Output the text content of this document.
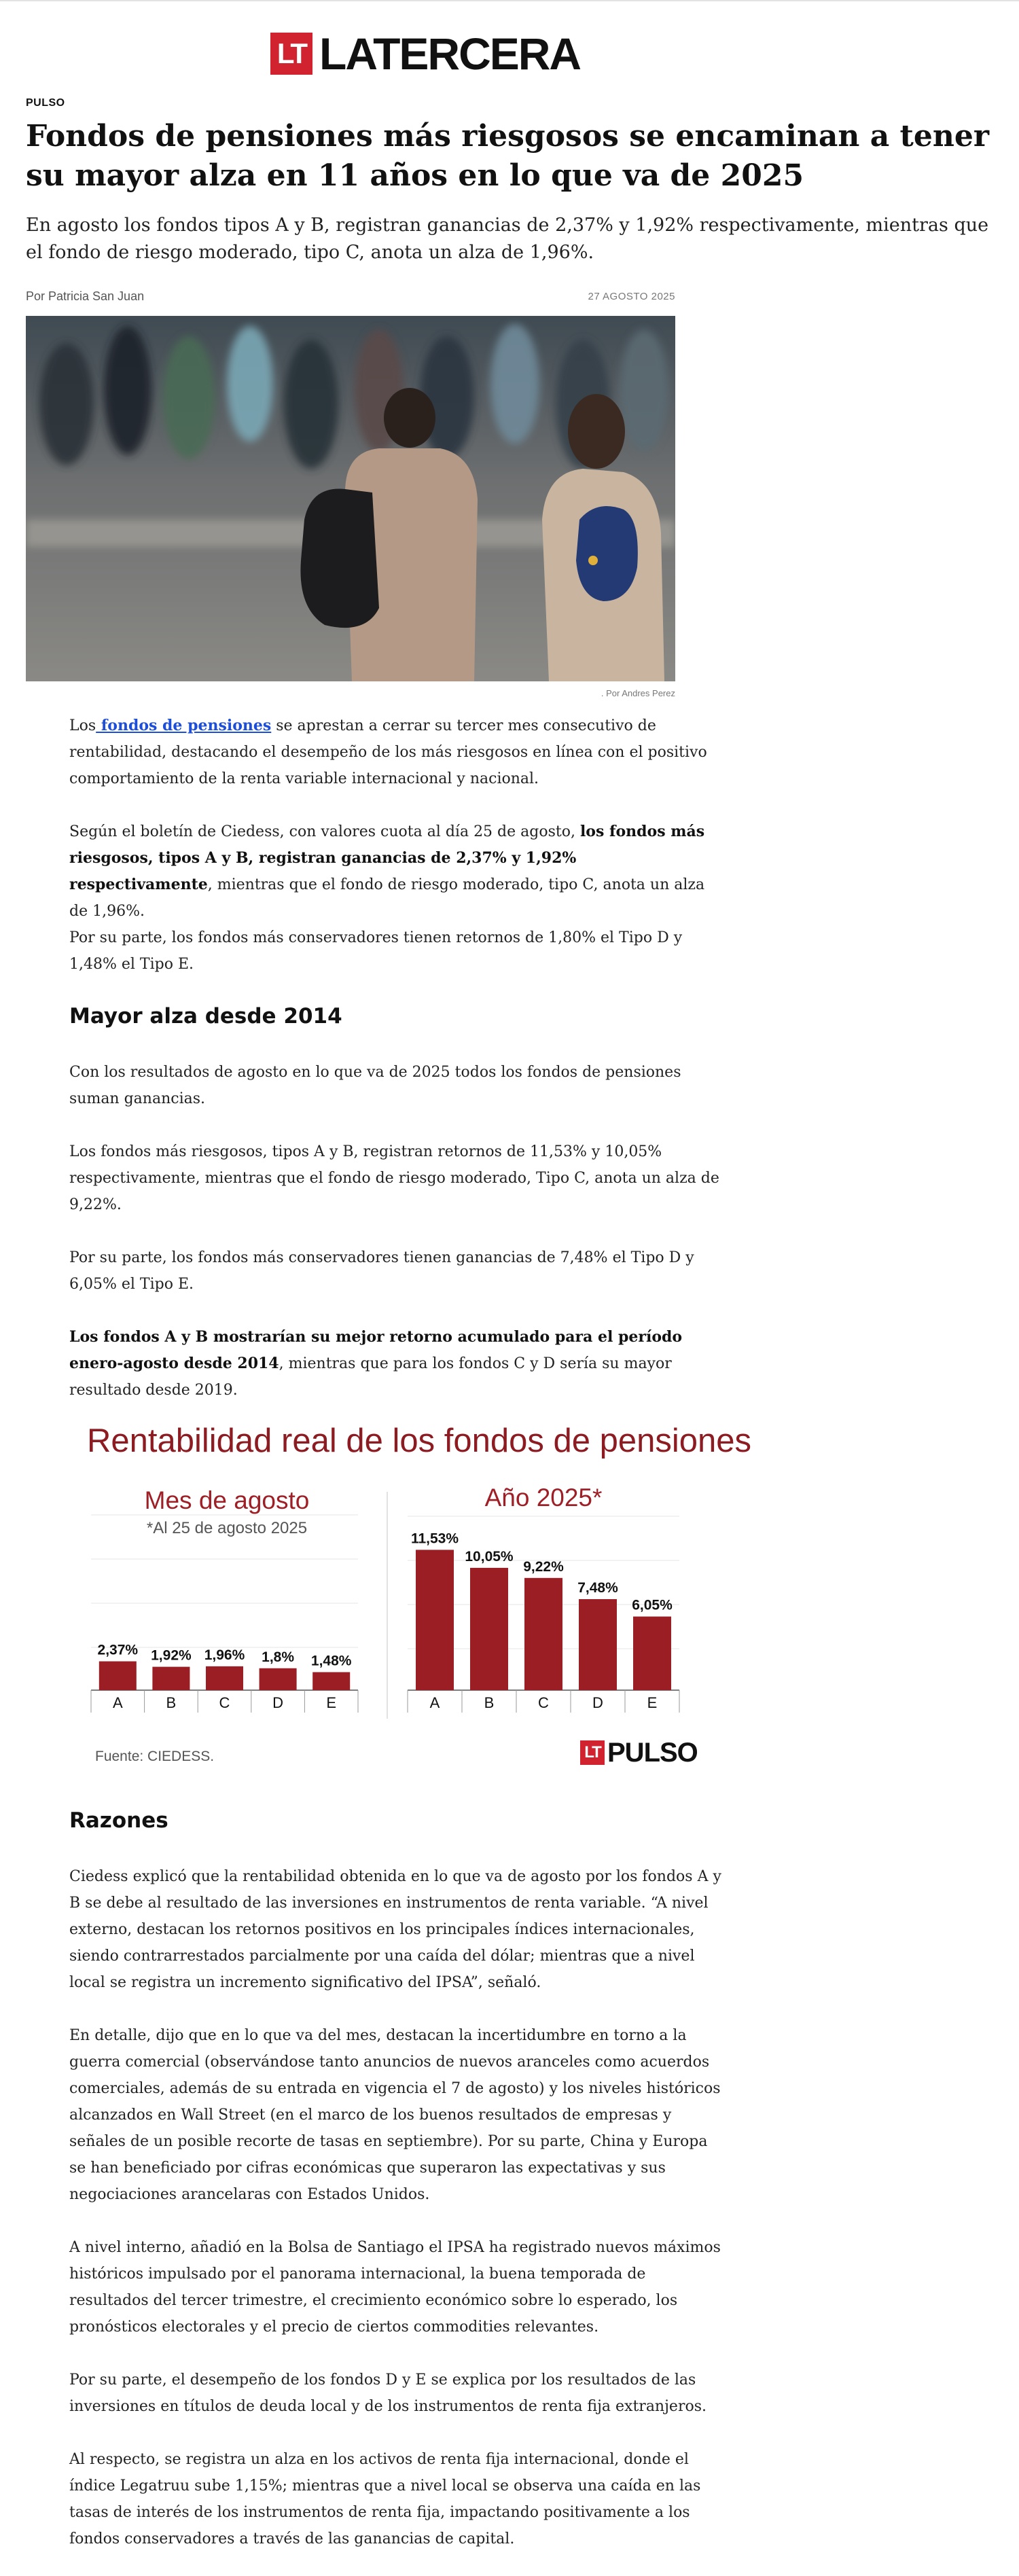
LT LATERCERA
PULSO
Fondos de pensiones más riesgosos se encaminan a tener su mayor alza en 11 años en lo que va de 2025

En agosto los fondos tipos A y B, registran ganancias de 2,37% y 1,92% respectivamente, mientras que el fondo de riesgo moderado, tipo C, anota un alza de 1,96%.

Por Patricia San Juan	27 AGOSTO 2025
. Por Andres Perez

Los fondos de pensiones se aprestan a cerrar su tercer mes consecutivo de rentabilidad, destacando el desempeño de los más riesgosos en línea con el positivo comportamiento de la renta variable internacional y nacional.

Según el boletín de Ciedess, con valores cuota al día 25 de agosto, los fondos más riesgosos, tipos A y B, registran ganancias de 2,37% y 1,92% respectivamente, mientras que el fondo de riesgo moderado, tipo C, anota un alza de 1,96%.

Por su parte, los fondos más conservadores tienen retornos de 1,80% el Tipo D y 1,48% el Tipo E.

Mayor alza desde 2014

Con los resultados de agosto en lo que va de 2025 todos los fondos de pensiones suman ganancias.

Los fondos más riesgosos, tipos A y B, registran retornos de 11,53% y 10,05% respectivamente, mientras que el fondo de riesgo moderado, Tipo C, anota un alza de 9,22%.

Por su parte, los fondos más conservadores tienen ganancias de 7,48% el Tipo D y 6,05% el Tipo E.

Los fondos A y B mostrarían su mejor retorno acumulado para el período enero-agosto desde 2014, mientras que para los fondos C y D sería su mayor resultado desde 2019.

Rentabilidad real de los fondos de pensiones
Mes de agosto
*Al 25 de agosto 2025
Año 2025*
2,37%
A
1,92%
B
1,96%
C
1,8%
D
1,48%
E
11,53%
A
10,05%
B
9,22%
C
7,48%
D
6,05%
E
Fuente: CIEDESS.	LT PULSO
Razones

Ciedess explicó que la rentabilidad obtenida en lo que va de agosto por los fondos A y B se debe al resultado de las inversiones en instrumentos de renta variable. “A nivel externo, destacan los retornos positivos en los principales índices internacionales, siendo contrarrestados parcialmente por una caída del dólar; mientras que a nivel local se registra un incremento significativo del IPSA”, señaló.

En detalle, dijo que en lo que va del mes, destacan la incertidumbre en torno a la guerra comercial (observándose tanto anuncios de nuevos aranceles como acuerdos comerciales, además de su entrada en vigencia el 7 de agosto) y los niveles históricos alcanzados en Wall Street (en el marco de los buenos resultados de empresas y señales de un posible recorte de tasas en septiembre). Por su parte, China y Europa se han beneficiado por cifras económicas que superaron las expectativas y sus negociaciones arancelaras con Estados Unidos.

A nivel interno, añadió en la Bolsa de Santiago el IPSA ha registrado nuevos máximos históricos impulsado por el panorama internacional, la buena temporada de resultados del tercer trimestre, el crecimiento económico sobre lo esperado, los pronósticos electorales y el precio de ciertos commodities relevantes.

Por su parte, el desempeño de los fondos D y E se explica por los resultados de las inversiones en títulos de deuda local y de los instrumentos de renta fija extranjeros.

Al respecto, se registra un alza en los activos de renta fija internacional, donde el índice Legatruu sube 1,15%; mientras que a nivel local se observa una caída en las tasas de interés de los instrumentos de renta fija, impactando positivamente a los fondos conservadores a través de las ganancias de capital.
